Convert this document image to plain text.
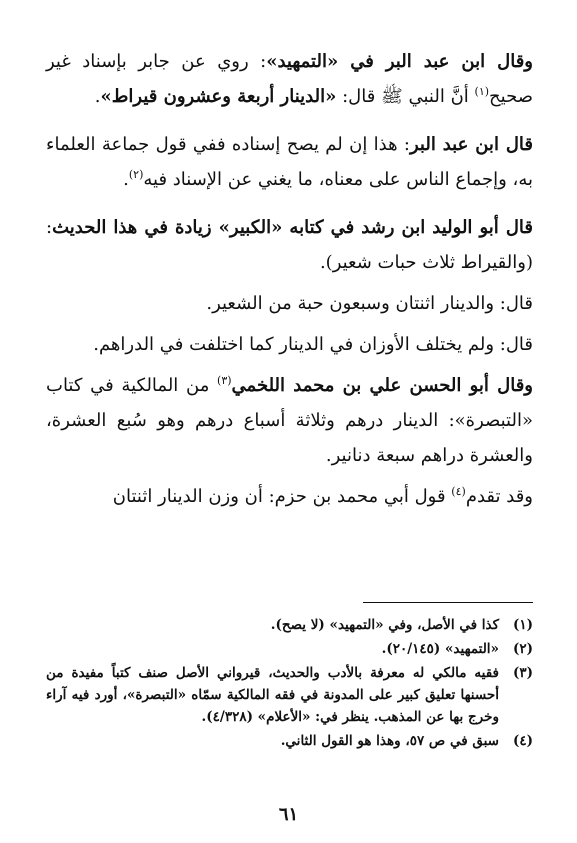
وقال ابن عبد البر في «التمهيد»: روي عن جابر بإسناد غير صحيح$^{(١)}$ أنَّ النبي ﷺ قال: «الدينار أربعة وعشرون قيراط».

قال ابن عبد البر: هذا إن لم يصح إسناده ففي قول جماعة العلماء به، وإجماع الناس على معناه، ما يغني عن الإسناد فيه$^{(٢)}$.

قال أبو الوليد ابن رشد في كتابه «الكبير» زيادة في هذا الحديث: (والقيراط ثلاث حبات شعير).

قال: والدينار اثنتان وسبعون حبة من الشعير.

قال: ولم يختلف الأوزان في الدينار كما اختلفت في الدراهم.

وقال أبو الحسن علي بن محمد اللخمي$^{(٣)}$ من المالكية في كتاب «التبصرة»: الدينار درهم وثلاثة أسباع درهم وهو سُبع العشرة، والعشرة دراهم سبعة دنانير.

وقد تقدم$^{(٤)}$ قول أبي محمد بن حزم: أن وزن الدينار اثنتان

(١)
كذا في الأصل، وفي «التمهيد» (لا يصح).
(٢)
«التمهيد» (٢٠/١٤٥).
(٣)
فقيه مالكي له معرفة بالأدب والحديث، قيرواني الأصل صنف كتباً مفيدة من أحسنها تعليق كبير على المدونة في فقه المالكية سمّاه «التبصرة»، أورد فيه آراء وخرج بها عن المذهب. ينظر في: «الأعلام» (٤/٣٢٨).
(٤)
سبق في ص ٥٧، وهذا هو القول الثاني.
٦١
